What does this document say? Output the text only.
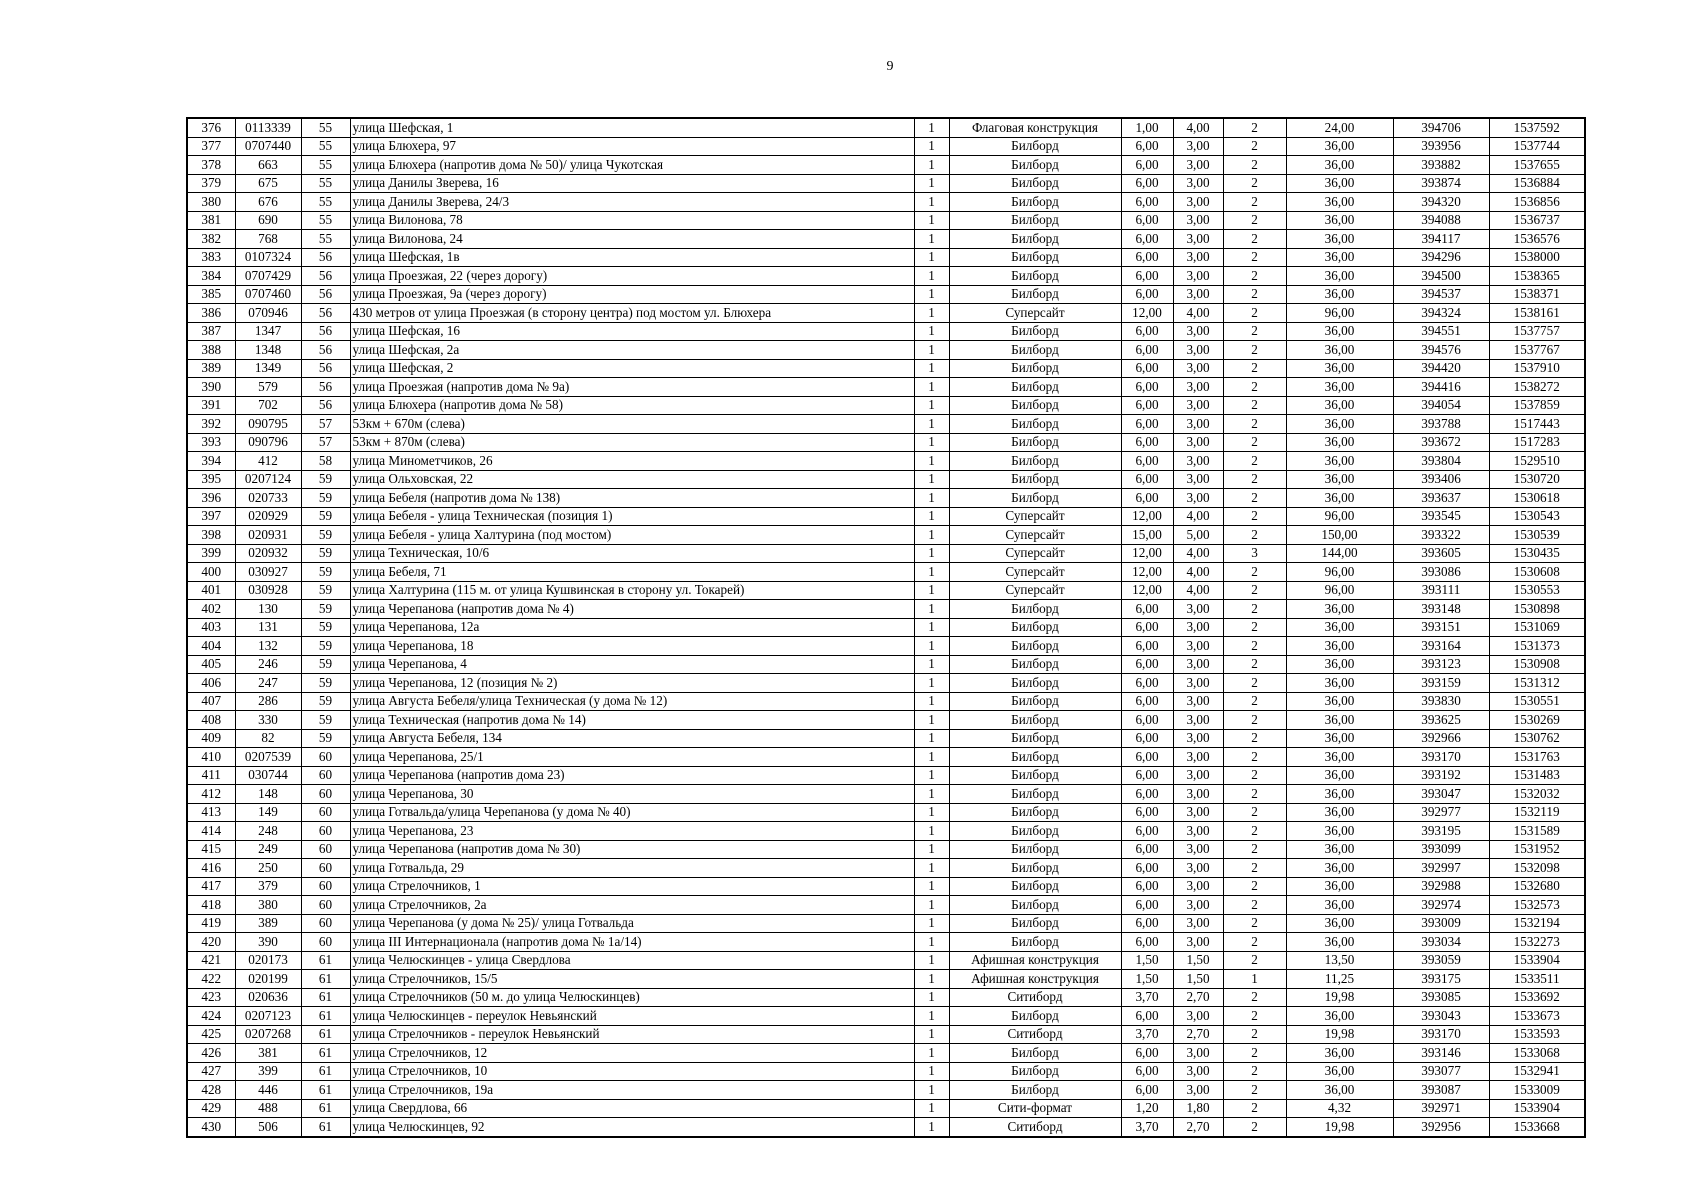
9
376	0113339	55	улица Шефская, 1	1	Флаговая конструкция	1,00	4,00	2	24,00	394706	1537592
377	0707440	55	улица Блюхера, 97	1	Билборд	6,00	3,00	2	36,00	393956	1537744
378	663	55	улица Блюхера (напротив дома № 50)/ улица Чукотская	1	Билборд	6,00	3,00	2	36,00	393882	1537655
379	675	55	улица Данилы Зверева, 16	1	Билборд	6,00	3,00	2	36,00	393874	1536884
380	676	55	улица Данилы Зверева, 24/3	1	Билборд	6,00	3,00	2	36,00	394320	1536856
381	690	55	улица Вилонова, 78	1	Билборд	6,00	3,00	2	36,00	394088	1536737
382	768	55	улица Вилонова, 24	1	Билборд	6,00	3,00	2	36,00	394117	1536576
383	0107324	56	улица Шефская, 1в	1	Билборд	6,00	3,00	2	36,00	394296	1538000
384	0707429	56	улица Проезжая, 22 (через дорогу)	1	Билборд	6,00	3,00	2	36,00	394500	1538365
385	0707460	56	улица Проезжая, 9а (через дорогу)	1	Билборд	6,00	3,00	2	36,00	394537	1538371
386	070946	56	430 метров от улица Проезжая (в сторону центра) под мостом ул. Блюхера	1	Суперсайт	12,00	4,00	2	96,00	394324	1538161
387	1347	56	улица Шефская, 16	1	Билборд	6,00	3,00	2	36,00	394551	1537757
388	1348	56	улица Шефская, 2а	1	Билборд	6,00	3,00	2	36,00	394576	1537767
389	1349	56	улица Шефская, 2	1	Билборд	6,00	3,00	2	36,00	394420	1537910
390	579	56	улица Проезжая (напротив дома № 9а)	1	Билборд	6,00	3,00	2	36,00	394416	1538272
391	702	56	улица Блюхера (напротив дома № 58)	1	Билборд	6,00	3,00	2	36,00	394054	1537859
392	090795	57	53км + 670м (слева)	1	Билборд	6,00	3,00	2	36,00	393788	1517443
393	090796	57	53км + 870м (слева)	1	Билборд	6,00	3,00	2	36,00	393672	1517283
394	412	58	улица Минометчиков, 26	1	Билборд	6,00	3,00	2	36,00	393804	1529510
395	0207124	59	улица Ольховская, 22	1	Билборд	6,00	3,00	2	36,00	393406	1530720
396	020733	59	улица Бебеля (напротив дома № 138)	1	Билборд	6,00	3,00	2	36,00	393637	1530618
397	020929	59	улица Бебеля - улица Техническая (позиция 1)	1	Суперсайт	12,00	4,00	2	96,00	393545	1530543
398	020931	59	улица Бебеля - улица Халтурина (под мостом)	1	Суперсайт	15,00	5,00	2	150,00	393322	1530539
399	020932	59	улица Техническая, 10/6	1	Суперсайт	12,00	4,00	3	144,00	393605	1530435
400	030927	59	улица Бебеля, 71	1	Суперсайт	12,00	4,00	2	96,00	393086	1530608
401	030928	59	улица Халтурина (115 м. от улица Кушвинская в сторону ул. Токарей)	1	Суперсайт	12,00	4,00	2	96,00	393111	1530553
402	130	59	улица Черепанова (напротив дома № 4)	1	Билборд	6,00	3,00	2	36,00	393148	1530898
403	131	59	улица Черепанова, 12а	1	Билборд	6,00	3,00	2	36,00	393151	1531069
404	132	59	улица Черепанова, 18	1	Билборд	6,00	3,00	2	36,00	393164	1531373
405	246	59	улица Черепанова, 4	1	Билборд	6,00	3,00	2	36,00	393123	1530908
406	247	59	улица Черепанова, 12 (позиция № 2)	1	Билборд	6,00	3,00	2	36,00	393159	1531312
407	286	59	улица Августа Бебеля/улица Техническая (у дома № 12)	1	Билборд	6,00	3,00	2	36,00	393830	1530551
408	330	59	улица Техническая (напротив дома № 14)	1	Билборд	6,00	3,00	2	36,00	393625	1530269
409	82	59	улица Августа Бебеля, 134	1	Билборд	6,00	3,00	2	36,00	392966	1530762
410	0207539	60	улица Черепанова, 25/1	1	Билборд	6,00	3,00	2	36,00	393170	1531763
411	030744	60	улица Черепанова (напротив дома 23)	1	Билборд	6,00	3,00	2	36,00	393192	1531483
412	148	60	улица Черепанова, 30	1	Билборд	6,00	3,00	2	36,00	393047	1532032
413	149	60	улица Готвальда/улица Черепанова (у дома № 40)	1	Билборд	6,00	3,00	2	36,00	392977	1532119
414	248	60	улица Черепанова, 23	1	Билборд	6,00	3,00	2	36,00	393195	1531589
415	249	60	улица Черепанова (напротив дома № 30)	1	Билборд	6,00	3,00	2	36,00	393099	1531952
416	250	60	улица Готвальда, 29	1	Билборд	6,00	3,00	2	36,00	392997	1532098
417	379	60	улица Стрелочников, 1	1	Билборд	6,00	3,00	2	36,00	392988	1532680
418	380	60	улица Стрелочников, 2а	1	Билборд	6,00	3,00	2	36,00	392974	1532573
419	389	60	улица Черепанова (у дома № 25)/ улица Готвальда	1	Билборд	6,00	3,00	2	36,00	393009	1532194
420	390	60	улица III Интернационала (напротив дома № 1а/14)	1	Билборд	6,00	3,00	2	36,00	393034	1532273
421	020173	61	улица Челюскинцев - улица Свердлова	1	Афишная конструкция	1,50	1,50	2	13,50	393059	1533904
422	020199	61	улица Стрелочников, 15/5	1	Афишная конструкция	1,50	1,50	1	11,25	393175	1533511
423	020636	61	улица Стрелочников (50 м. до улица Челюскинцев)	1	Ситиборд	3,70	2,70	2	19,98	393085	1533692
424	0207123	61	улица Челюскинцев - переулок Невьянский	1	Билборд	6,00	3,00	2	36,00	393043	1533673
425	0207268	61	улица Стрелочников - переулок Невьянский	1	Ситиборд	3,70	2,70	2	19,98	393170	1533593
426	381	61	улица Стрелочников, 12	1	Билборд	6,00	3,00	2	36,00	393146	1533068
427	399	61	улица Стрелочников, 10	1	Билборд	6,00	3,00	2	36,00	393077	1532941
428	446	61	улица Стрелочников, 19а	1	Билборд	6,00	3,00	2	36,00	393087	1533009
429	488	61	улица Свердлова, 66	1	Сити-формат	1,20	1,80	2	4,32	392971	1533904
430	506	61	улица Челюскинцев, 92	1	Ситиборд	3,70	2,70	2	19,98	392956	1533668
